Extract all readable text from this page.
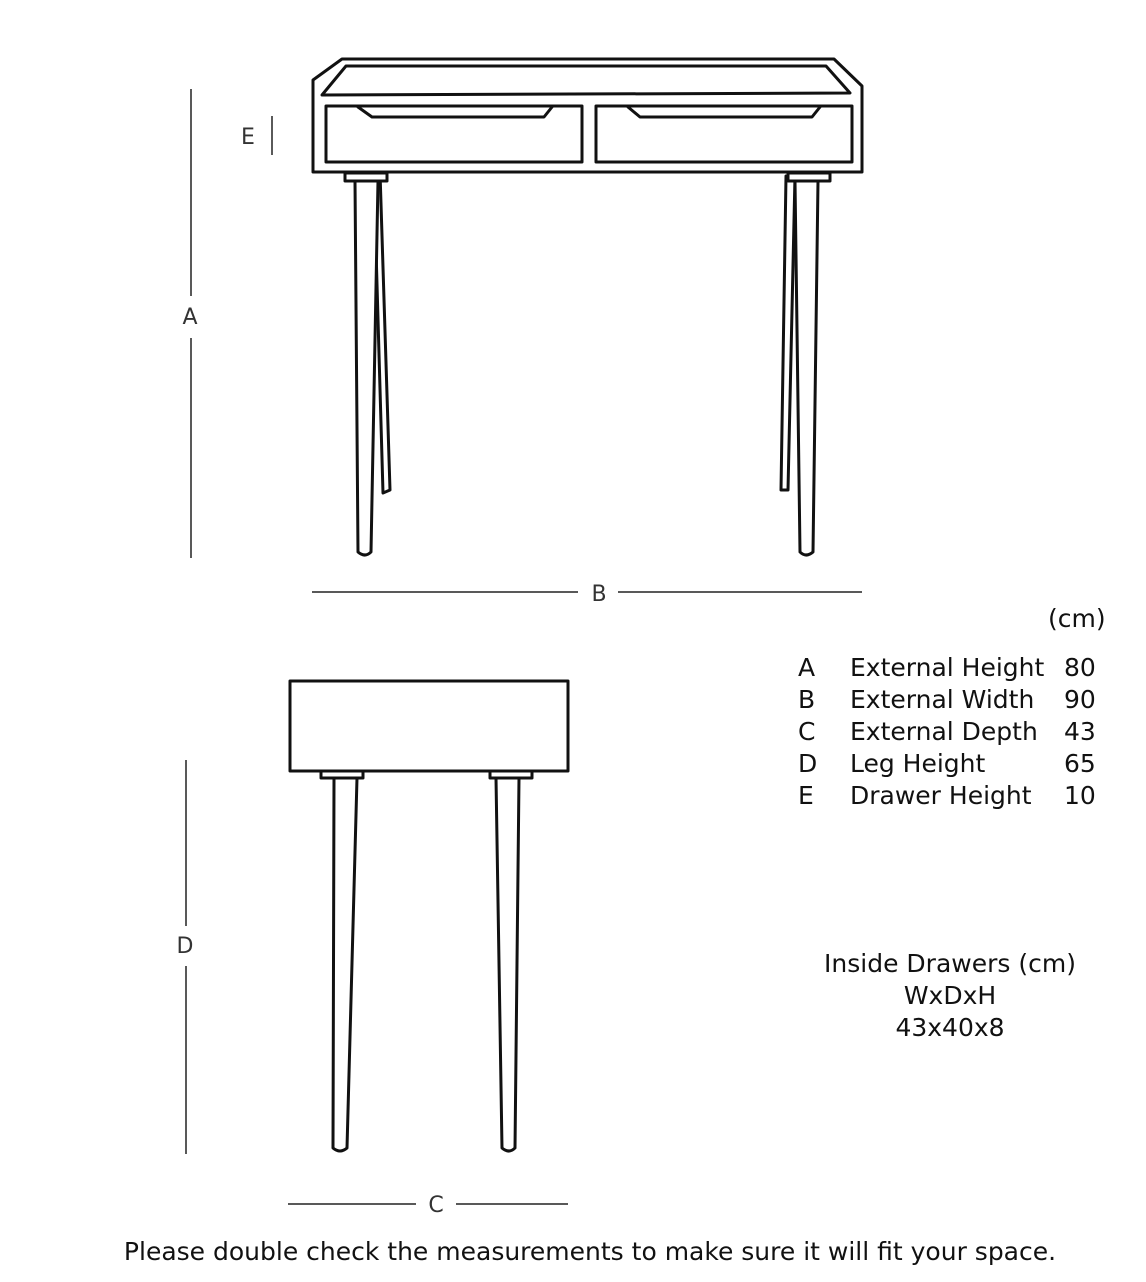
A
E
B
D
C
(cm)
A	External Height	80
B	External Width	90
C	External Depth	43
D	Leg Height	65
E	Drawer Height	10
Inside Drawers (cm)
WxDxH
43x40x8
Please double check the measurements to make sure it will fit your space.
